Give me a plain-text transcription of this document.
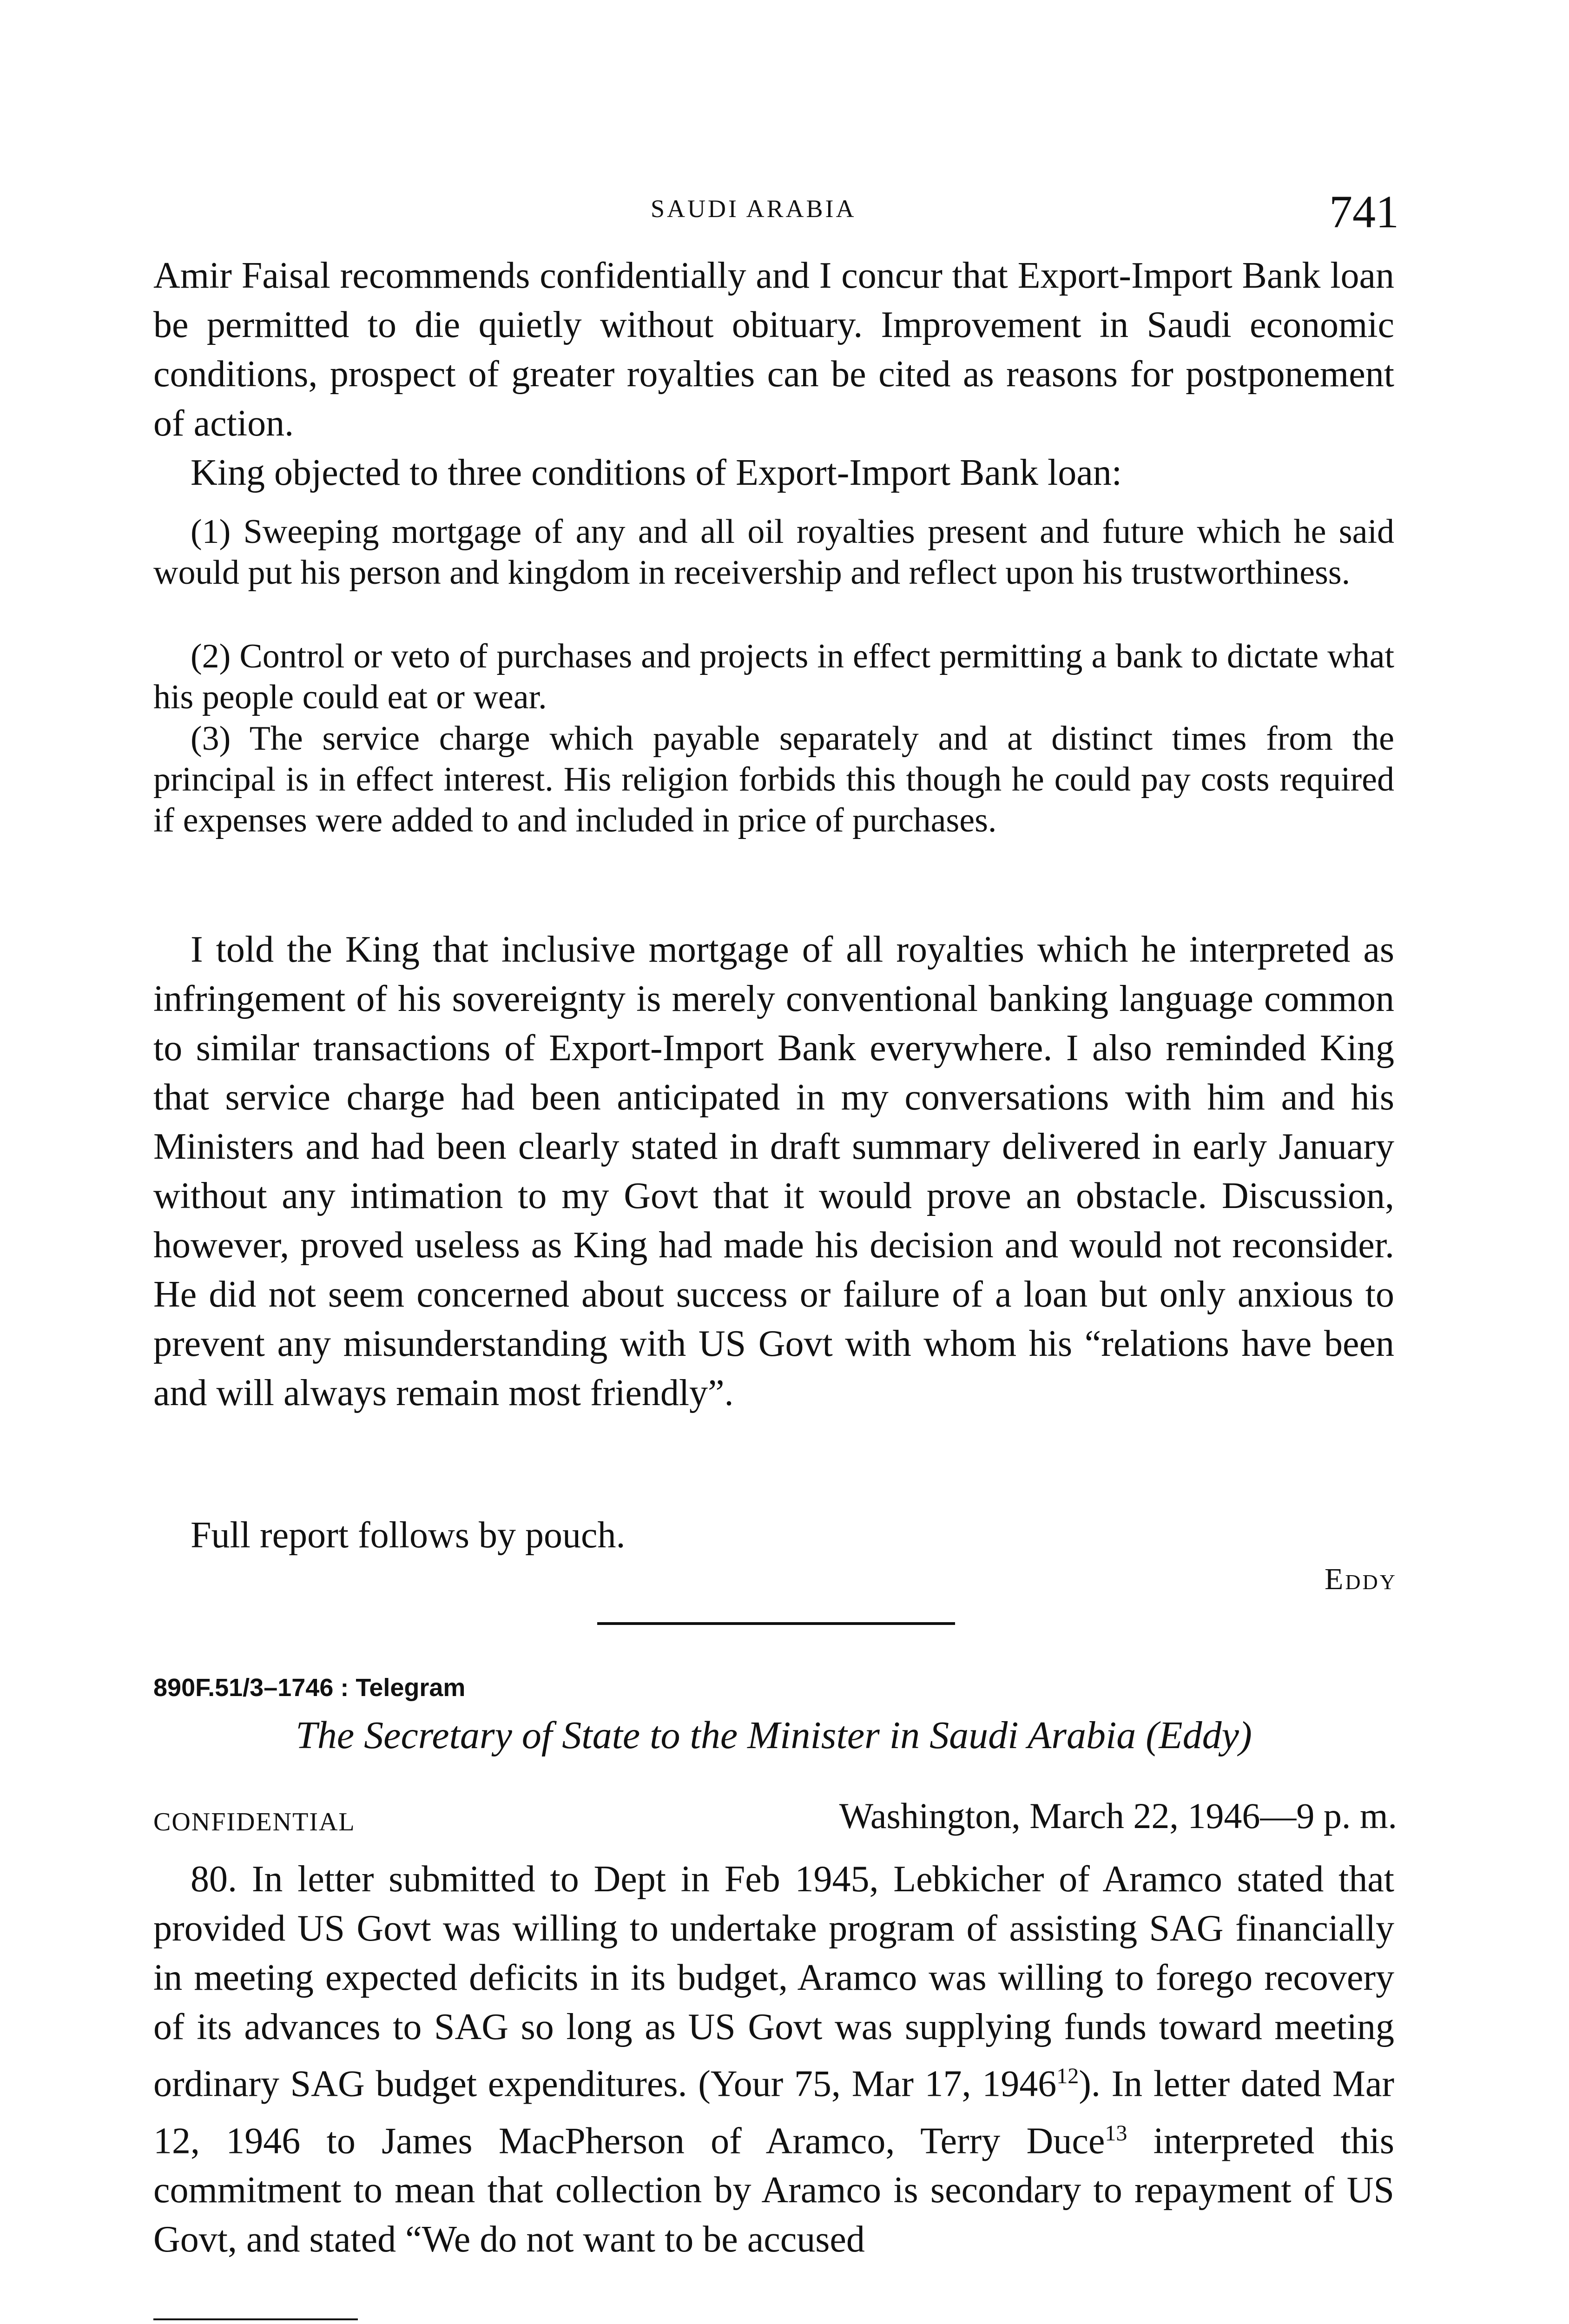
SAUDI ARABIA	741

Amir Faisal recommends confidentially and I concur that Export-Import Bank loan be permitted to die quietly without obituary. Improvement in Saudi economic conditions, prospect of greater royalties can be cited as reasons for postponement of action.

King objected to three conditions of Export-Import Bank loan:

(1) Sweeping mortgage of any and all oil royalties present and future which he said would put his person and kingdom in receivership and reflect upon his trustworthiness.

(2) Control or veto of purchases and projects in effect permitting a bank to dictate what his people could eat or wear.

(3) The service charge which payable separately and at distinct times from the principal is in effect interest. His religion forbids this though he could pay costs required if expenses were added to and included in price of purchases.

I told the King that inclusive mortgage of all royalties which he interpreted as infringement of his sovereignty is merely conventional banking language common to similar transactions of Export-Import Bank everywhere. I also reminded King that service charge had been anticipated in my conversations with him and his Ministers and had been clearly stated in draft summary delivered in early January without any intimation to my Govt that it would prove an obstacle. Discussion, however, proved useless as King had made his decision and would not reconsider. He did not seem concerned about success or failure of a loan but only anxious to prevent any misunderstanding with US Govt with whom his “relations have been and will always remain most friendly”.

Full report follows by pouch.

Eddy
890F.51/3–1746 : Telegram
The Secretary of State to the Minister in Saudi Arabia (Eddy)
CONFIDENTIAL	Washington, March 22, 1946—9 p. m.

80. In letter submitted to Dept in Feb 1945, Lebkicher of Aramco stated that provided US Govt was willing to undertake program of assisting SAG financially in meeting expected deficits in its budget, Aramco was willing to forego recovery of its advances to SAG so long as US Govt was supplying funds toward meeting ordinary SAG budget expenditures. (Your 75, Mar 17, 1946$^{12}$). In letter dated Mar 12, 1946 to James MacPherson of Aramco, Terry Duce$^{13}$ interpreted this commitment to mean that collection by Aramco is secondary to repayment of US Govt, and stated “We do not want to be accused
